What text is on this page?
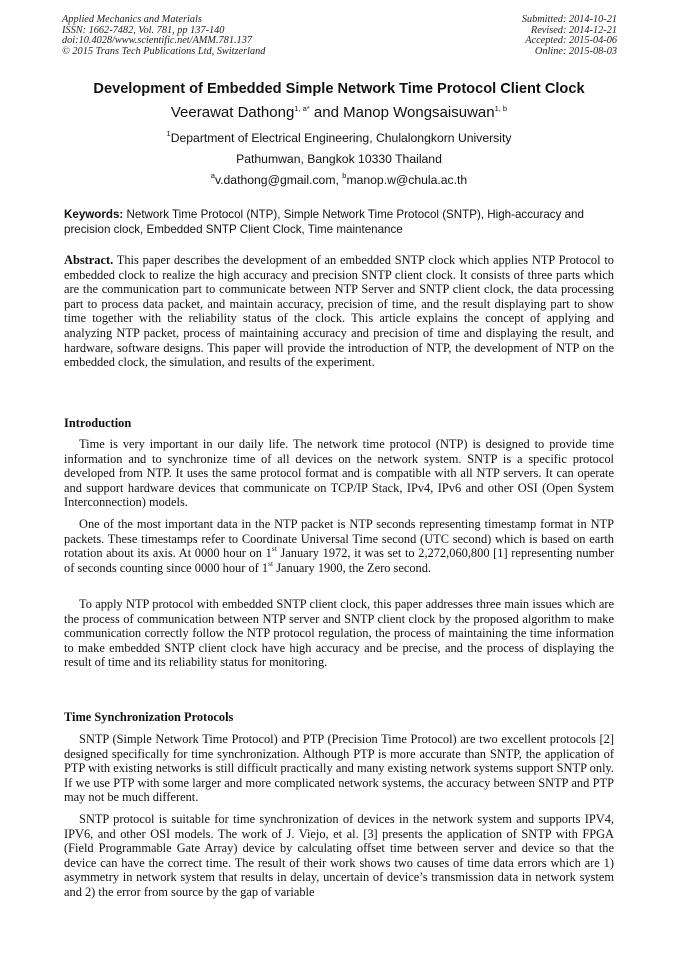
Applied Mechanics and Materials
ISSN: 1662-7482, Vol. 781, pp 137-140
doi:10.4028/www.scientific.net/AMM.781.137
© 2015 Trans Tech Publications Ltd, Switzerland
Submitted: 2014-10-21
Revised: 2014-12-21
Accepted: 2015-04-06
Online: 2015-08-03
Development of Embedded Simple Network Time Protocol Client Clock
Veerawat Dathong$^{1, a*}$ and Manop Wongsaisuwan$^{1, b}$
$^1$Department of Electrical Engineering, Chulalongkorn University
Pathumwan, Bangkok 10330 Thailand
$^a$v.dathong@gmail.com, $^b$manop.w@chula.ac.th
Keywords: Network Time Protocol (NTP), Simple Network Time Protocol (SNTP), High-accuracy and precision clock, Embedded SNTP Client Clock, Time maintenance
Abstract. This paper describes the development of an embedded SNTP clock which applies NTP Protocol to embedded clock to realize the high accuracy and precision SNTP client clock. It consists of three parts which are the communication part to communicate between NTP Server and SNTP client clock, the data processing part to process data packet, and maintain accuracy, precision of time, and the result displaying part to show time together with the reliability status of the clock. This article explains the concept of applying and analyzing NTP packet, process of maintaining accuracy and precision of time and displaying the result, and hardware, software designs. This paper will provide the introduction of NTP, the development of NTP on the embedded clock, the simulation, and results of the experiment.
Introduction
Time is very important in our daily life. The network time protocol (NTP) is designed to provide time information and to synchronize time of all devices on the network system. SNTP is a specific protocol developed from NTP. It uses the same protocol format and is compatible with all NTP servers. It can operate and support hardware devices that communicate on TCP/IP Stack, IPv4, IPv6 and other OSI (Open System Interconnection) models.
One of the most important data in the NTP packet is NTP seconds representing timestamp format in NTP packets. These timestamps refer to Coordinate Universal Time second (UTC second) which is based on earth rotation about its axis. At 0000 hour on 1st January 1972, it was set to 2,272,060,800 [1] representing number of seconds counting since 0000 hour of 1st January 1900, the Zero second.
To apply NTP protocol with embedded SNTP client clock, this paper addresses three main issues which are the process of communication between NTP server and SNTP client clock by the proposed algorithm to make communication correctly follow the NTP protocol regulation, the process of maintaining the time information to make embedded SNTP client clock have high accuracy and be precise, and the process of displaying the result of time and its reliability status for monitoring.
Time Synchronization Protocols
SNTP (Simple Network Time Protocol) and PTP (Precision Time Protocol) are two excellent protocols [2] designed specifically for time synchronization. Although PTP is more accurate than SNTP, the application of PTP with existing networks is still difficult practically and many existing network systems support SNTP only. If we use PTP with some larger and more complicated network systems, the accuracy between SNTP and PTP may not be much different.
SNTP protocol is suitable for time synchronization of devices in the network system and supports IPV4, IPV6, and other OSI models. The work of J. Viejo, et al. [3] presents the application of SNTP with FPGA (Field Programmable Gate Array) device by calculating offset time between server and device so that the device can have the correct time. The result of their work shows two causes of time data errors which are 1) asymmetry in network system that results in delay, uncertain of device’s transmission data in network system and 2) the error from source by the gap of variable
